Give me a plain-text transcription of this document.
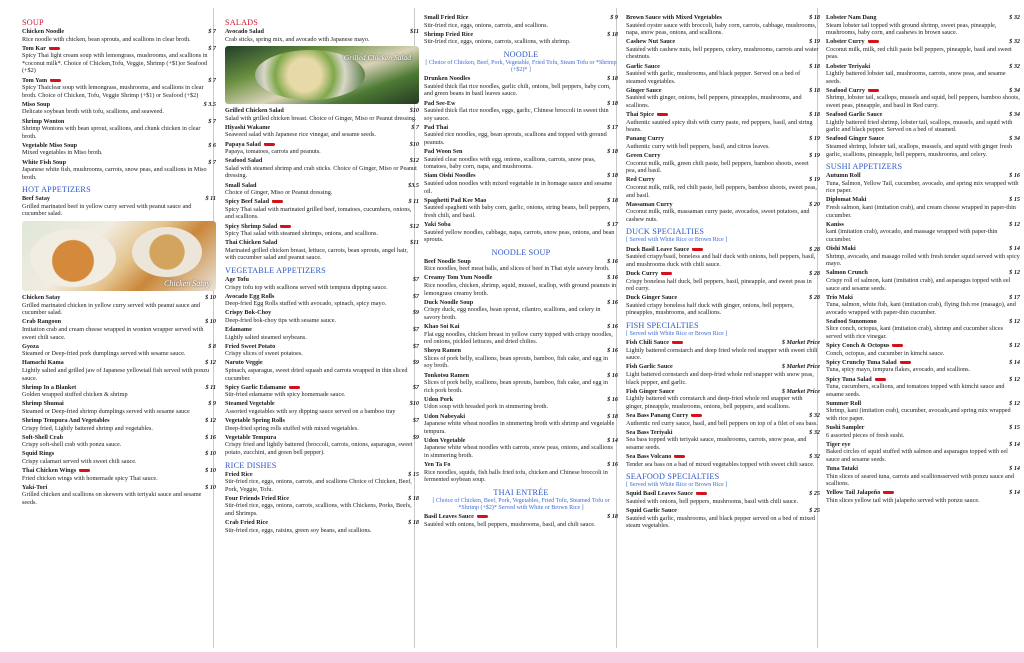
SOUP
Chicken Noodle	$ 7
Rice noodle with chicken, bean sprouts, and scallions in clear broth.
Tom Kar	$ 7
Spicy Thai light cream soup with lemongrass, mushrooms, and scallions in *coconut milk*. Choice of Chicken,Tofu, Veggie, Shrimp (+$1)or Seafood (+$2)
Tom Yam	$ 7
Spicy Thaiclear soup with lemongrass, mushrooms, and scallions in clear broth. Choice of Chicken, Tofu, Veggie Shrimp (+$1) or Seafood (+$2)
Miso Soup	$ 3.5
Delicate soybean broth with tofu, scallions, and seaweed.
Shrimp Wonton	$ 7
Shrimp Wontons with bean sprout, scallions, and chunk chicken in clear broth.
Vegetable Miso Soup	$ 6
Mixed vegetables in Miso broth.
White Fish Soup	$ 7
Japanese white fish, mushrooms, carrots, snow peas, and scallions in Miso broth.
HOT APPETIZERS
Beef Satay	$ 11
Grilled marinated beef in yellow curry served with peanut sauce and cucumber salad.
Chicken Satay
Chicken Satay	$ 10
Grilled marinated chicken in yellow curry served with peanut sauce and cucumber salad.
Crab Rangoon	$ 10
Imitation crab and cream cheese wrapped in wonton wrapper served with sweet chili sauce.
Gyoza	$ 8
Steamed or Deep-fried pork dumplings served with sesame sauce.
Hamachi Kama	$ 12
Lightly salted and grilled jaw of Japanese yellowtail fish served with ponzu sauce.
Shrimp In a Blanket	$ 11
Golden wrapped stuffed chicken & shrimp
Shrimp Shumai	$ 9
Steamed or Deep-fried shrimp dumplings served with sesame sauce
Shrimp Tempura And Vegetables	$ 12
Crispy fried, Lightly battered shrimp and vegetables.
Soft-Shell Crab	$ 16
Crispy soft-shell crab with ponzu sauce.
Squid Rings	$ 10
Crispy calamari served with sweet chili sauce.
Thai Chicken Wings	$ 10
Fried chicken wings with homemade spicy Thai sauce.
Yaki-Tori	$ 10
Grilled chicken and scallions on skewers with teriyaki sauce and sesame seeds.
SALADS
Avocado Salad	$11
Crab sticks, spring mix, and avocado with Japanese mayo.
Grilled Chicken Salad
Grilled Chicken Salad	$10
Salad with grilled chicken breast. Choice of Ginger, Miso or Peanut dressing.
Hiyashi Wakame	$ 7
Seaweed salad with Japanese rice vinegar, and sesame seeds.
Papaya Salad	$10
Papaya, tomatoes, carrots and peanuts.
Seafood Salad	$12
Salad with steamed shrimp and crab sticks. Choice of Ginger, Miso or Peanut dressing.
Small Salad	$3.5
Choice of Ginger, Miso or Peanut dressing.
Spicy Beef Salad	$ 11
Spicy Thai salad with marinated grilled beef, tomatoes, cucumbers, onions, and scallions.
Spicy Shrimp Salad	$12
Spicy Thai salad with steamed shrimps, onions, and scallions.
Thai Chicken Salad	$11
Marinated grilled chicken breast, lettuce, carrots, bean sprouts, angel hair, with cucumber salad and peanut sauce.
VEGETABLE APPETIZERS
Age Tofu	$7
Crispy tofu top with scallions served with tempura dipping sauce.
Avocado Egg Rolls	$7
Deep-fried Egg Rolls stuffed with avocado, spinach, spicy mayo.
Crispy Bok-Choy	$9
Deep-fried bok-choy tips with sesame sauce.
Edamame	$7
Lightly salted steamed soybeans.
Fried Sweet Potato	$7
Crispy slices of sweet potatoes.
Naruto Veggie	$9
Spinach, asparagus, sweet dried squash and carrots wrapped in thin sliced cucumber.
Spicy Garlic Edamame	$7
Stir-fried edamame with spicy homemade sauce.
Steamed Vegetable	$10
Assorted vegetables with soy dipping sauce served on a bamboo tray
Vegetable Spring Rolls	$7
Deep-fried spring rolls stuffed with mixed vegetables.
Vegetable Tempura	$9
Crispy fried and lightly battered (broccoli, carrots, onions, asparagus, sweet potato, zucchini, and green bell pepper).
RICE DISHES
Fried Rice	$ 15
Stir-fried rice, eggs, onions, carrots, and scallions Choice of Chicken, Beef, Pork, Veggie, Tofu.
Four Friends Fried Rice	$ 18
Stir-fried rice, eggs, onions, carrots, scallions, with Chickens, Porks, Beefs, and Shrimps.
Crab Fried Rice	$ 18
Stir-fried rice, eggs, raisins, green soy beans, and scallions.
Small Fried Rice	$ 9
Stir-fried rice, eggs, onions, carrots, and scallions.
Shrimp Fried Rice	$ 18
Stir-fried rice, eggs, onions, carrots, scallions, with shrimp.
NOODLE
[ Choice of Chicken, Beef, Pork, Vegetable, Fried Tofu, Steam Tofu or *Shrimp (+$2)* ]
Drunken Noodles	$ 18
Sautéed thick flat rice noodles, garlic chili, onions, bell peppers, baby corn, and green beans in basil leaves sauce.
Pad See-Ew	$ 18
Sautéed thick flat rice noodles, eggs, garlic, Chinese broccoli in sweet thin soy sauce.
Pad Thai	$ 17
Sautéed rice noodles, egg, bean sprouts, scallions and topped with ground peanuts.
Pad Woon Sen	$ 18
Sautéed clear noodles with egg, onions, scallions, carrots, snow peas, tomatoes, baby corn, napa, and mushrooms.
Siam Oishi Noodles	$ 18
Sautéed udon noodles with mixed vegetable in in homage sauce and sesame oil.
Spaghetti Pad Kee Mao	$ 18
Sautéed spaghetti with baby corn, garlic, onions, string beans, bell peppers, fresh chili, and basil.
Yaki Soba	$ 17
Sautéed yellow noodles, cabbage, napa, carrots, snow peas, onions, and bean sprouts.
NOODLE SOUP
Beef Noodle Soup	$ 16
Rice noodles, beef meat balls, and slices of beef in Thai style savory broth.
Creamy Tom Yum Noodle	$ 16
Rice noodles, chicken, shrimp, squid, mussel, scallop, with ground peanuts in lemongrass creamy broth.
Duck Noodle Soup	$ 16
Crispy duck, egg noodles, bean sprout, cilantro, scallions, and celery in savory broth.
Khao Soi Kai	$ 16
Flat egg noodles, chicken breast in yellow curry topped with crispy noodles, red onions, pickled lettuces, and dried chilies.
Shoyu Ramen	$ 16
Slices of pork belly, scallions, bean sprouts, bamboo, fish cake, and egg in soy broth.
Tonkotsu Ramen	$ 16
Slices of pork belly, scallions, bean sprouts, bamboo, fish cake, and egg in rich pork broth.
Udon Pork	$ 16
Udon soup with breaded pork in simmering broth.
Udon Nabeyaki	$ 18
Japanese white wheat noodles in simmering broth with shrimp and vegetable tempura.
Udon Vegetable	$ 14
Japanese white wheat noodles with carrots, snow peas, onions, and scallions in simmering broth.
Yen Ta Fo	$ 16
Rice noodles, squids, fish balls fried tofu, chicken and Chinese broccoli in fermented soybean soup.
THAI ENTRÉE
[ Choice of Chicken, Beef, Pork, Vegetables, Fried Tofu, Steamed Tofu or *Shrimp (+$2)* Served with White or Brown Rice ]
Basil Leaves Sauce	$ 18
Sautéed with onions, bell peppers, mushrooms, basil, and chili sauce.
Brown Sauce with Mixed Vegetables	$ 18
Sautéed oyster sauce with broccoli, baby corn, carrots, cabbage, mushrooms, napa, snow peas, onions, and scallions.
Cashew Nut Sauce	$ 19
Sautéed with cashew nuts, bell peppers, celery, mushrooms, carrots and water chestnuts.
Garlic Sauce	$ 18
Sautéed with garlic, mushrooms, and black pepper. Served on a bed of steamed vegetables.
Ginger Sauce	$ 18
Sautéed with ginger, onions, bell peppers, pineapples, mushrooms, and scallions.
Thai Spice	$ 18
Authentic sautéed spicy dish with curry paste, red peppers, basil, and string beans.
Panang Curry	$ 19
Authentic curry with bell peppers, basil, and citrus leaves.
Green Curry	$ 19
Coconut milk, milk, green chili paste, bell peppers, bamboo shoots, sweet pea, and basil.
Red Curry	$ 19
Coconut milk, milk, red chili paste, bell peppers, bamboo shoots, sweet peas, and basil.
Massaman Curry	$ 20
Coconut milk, milk, massaman curry paste, avocados, sweet potatoes, and cashew nuts.
DUCK SPECIALTIES
[ Served with White Rice or Brown Rice ]
Duck Basil Leave Sauce	$ 28
Sautéed crispy/basil, boneless and half duck with onions, bell peppers, basil, and mushrooms duck with chili sauce.
Duck Curry	$ 28
Crispy boneless half duck, bell peppers, basil, pineapple, and sweet peas in red curry.
Duck Ginger Sauce	$ 28
Sautéed crispy boneless half duck with ginger, onions, bell peppers, pineapples, mushrooms, and scallions.
FISH SPECIALTIES
[ Served with White Rice or Brown Rice ]
Fish Chili Sauce	$ Market Price
Lightly battered cornstarch and deep fried whole red snapper with sweet chili sauce.
Fish Garlic Sauce	$ Market Price
Light battered cornstarch and deep-fried whole red snapper with snow peas, black pepper, and garlic.
Fish Ginger Sauce	$ Market Price
Lightly battered with cornstarch and deep-fried whole red snapper with ginger, pineapple, mushrooms, onions, bell peppers, and scallions.
Sea Bass Panang Curry	$ 32
Authentic red curry sauce, basil, and bell peppers on top of a filet of sea bass.
Sea Bass Teriyaki	$ 32
Sea bass topped with teriyaki sauce, mushrooms, carrots, snow peas, and sesame seeds.
Sea Bass Volcano	$ 32
Tender sea bass on a bad of mixed vegetables topped with sweet chili sauce.
SEAFOOD SPECIALTIES
[ Served with White Rice or Brown Rice ]
Squid Basil Leaves Sauce	$ 25
Sautéed with onions, bell peppers, mushrooms, basil with chili sauce.
Squid Garlic Sauce	$ 25
Sautéed with garlic, mushrooms, and black pepper served on a bed of mixed steam vegetables.
Lobster Nam Dang	$ 32
Steam lobster tail topped with ground shrimp, sweet peas, pineapple, mushrooms, baby corn, and cashews in brown sauce.
Lobster Curry	$ 32
Coconut milk, milk, red chili paste bell peppers, pineapple, basil and sweet peas.
Lobster Teriyaki	$ 32
Lightly battered lobster tail, mushrooms, carrots, snow peas, and sesame seeds.
Seafood Curry	$ 34
Shrimp, lobster tail, scallops, mussels and squid, bell peppers, bamboo shoots, sweet peas, pineapple, and basil in Red curry.
Seafood Garlic Sauce	$ 34
Lightly battered fried shrimp, lobster tail, scallops, mussels, and squid with garlic and black pepper. Served on a bed of steamed.
Seafood Ginger Sauce	$ 34
Steamed shrimp, lobster tail, scallops, mussels, and squid with ginger fresh garlic, scallions, pineapple, bell peppers, mushrooms, and celery.
SUSHI APPETIZERS
Autumn Roll	$ 16
Tuna, Salmon, Yellow Tail, cucumber, avocado, and spring mix wrapped with rice paper.
Diplomat Maki	$ 15
Fresh salmon, kani (imitation crab), and cream cheese wrapped in paper-thin cucumber.
Kaniss	$ 12
kani (imitation crab), avocado, and massage wrapped with paper-thin cucumber.
Oishi Maki	$ 14
Shrimp, avocado, and masago rolled with fresh tender squid served with spicy mayo.
Salmon Crunch	$ 12
Crispy roll of salmon, kani (imitation crab), and asparagus topped with eel sauce and sesame seeds.
Trio Maki	$ 17
Tuna, salmon, white fish, kani (imitation crab), flying fish roe (masago), and avocado wrapped with paper-thin cucumber.
Seafood Sunomono	$ 12
Slice conch, octopus, kani (imitation crab), shrimp and cucumber slices served with rice vinegar.
Spicy Conch & Octopus	$ 12
Conch, octopus, and cucumber in kimchi sauce.
Spicy Crunchy Tuna Salad	$ 14
Tuna, spicy mayo, tempura flakes, avocado, and scallions.
Spicy Tuna Salad	$ 12
Tuna, cucumbers, scallions, and tomatoes topped with kimchi sauce and sesame seeds.
Summer Roll	$ 12
Shrimp, kani (imitation crab), cucumber, avocado,and spring mix wrapped with rice paper.
Sushi Sampler	$ 15
6 assorted pieces of fresh sushi.
Tiger eye	$ 14
Baked circles of squid stuffed with salmon and asparagus topped with eel sauce and sesame seeds.
Tuna Tataki	$ 14
Thin slices of seared tuna, carrots and scallionsserved with ponzu sauce and scallions.
Yellow Tail Jalapeño	$ 14
Thin slices yellow tail with jalapeño served with ponzu sauce.
